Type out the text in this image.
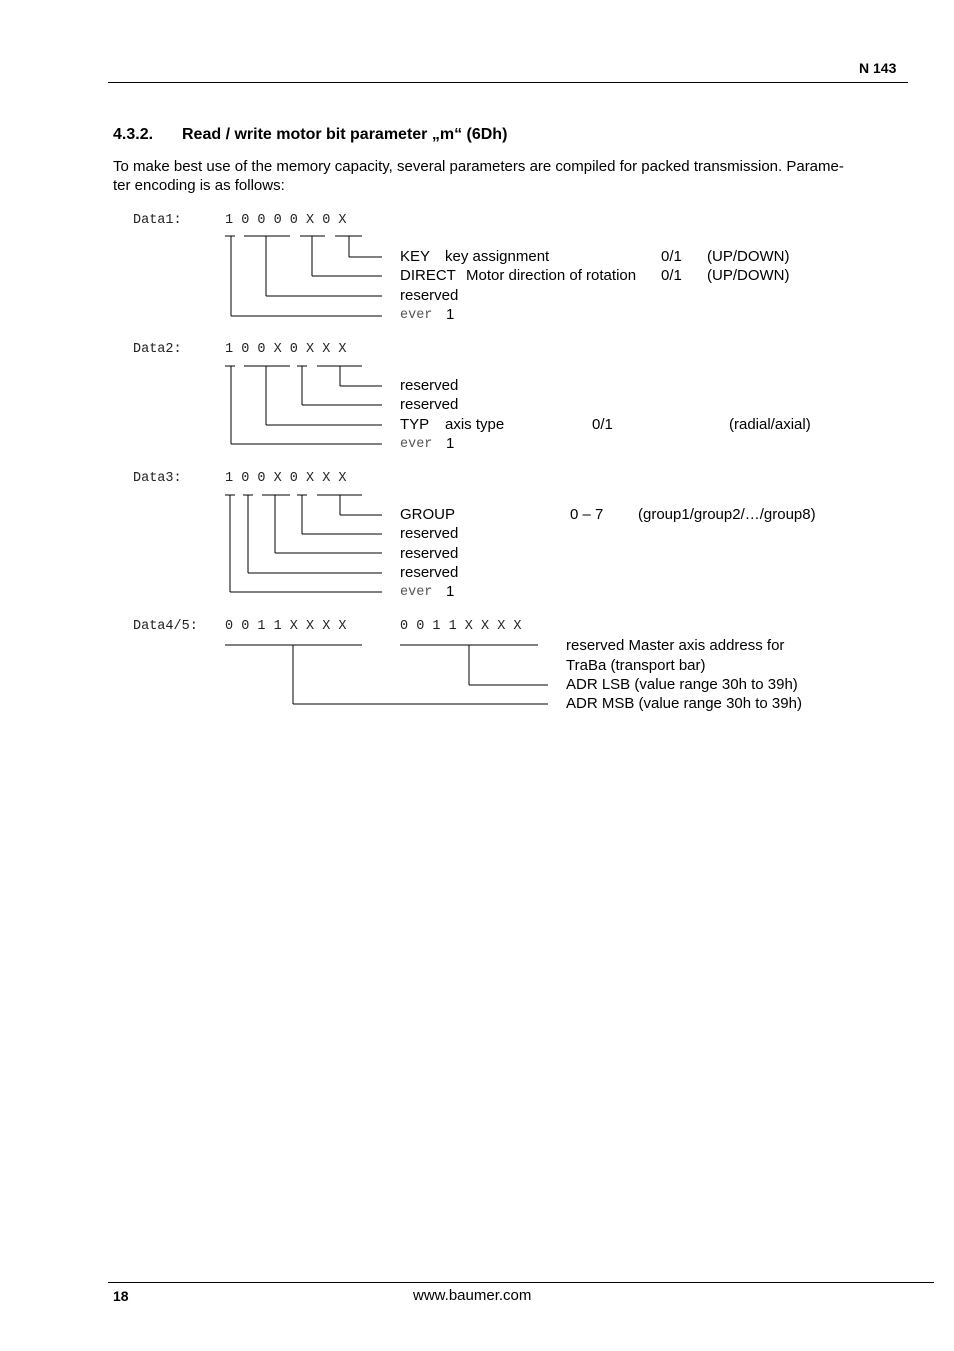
N 143
4.3.2. Read / write motor bit parameter „m“ (6Dh)
To make best use of the memory capacity, several parameters are compiled for packed transmission. Parame-
ter encoding is as follows:
Data1:	1 0 0 0 0 X 0 X
KEY key assignment	0/1 (UP/DOWN)
DIRECT Motor direction of rotation 0/1 (UP/DOWN)
reserved
ever 1
Data2:	1 0 0 X 0 X X X
reserved
reserved
TYP axis type	0/1	(radial/axial)
ever 1
Data3:	1 0 0 X 0 X X X
GROUP	0 – 7 (group1/group2/…/group8)
reserved
reserved
reserved
ever 1
Data4/5: 0 0 1 1 X X X X	0 0 1 1 X X X X
reserved Master axis address for
TraBa (transport bar)
ADR LSB (value range 30h to 39h)
ADR MSB (value range 30h to 39h)
18	www.baumer.com
